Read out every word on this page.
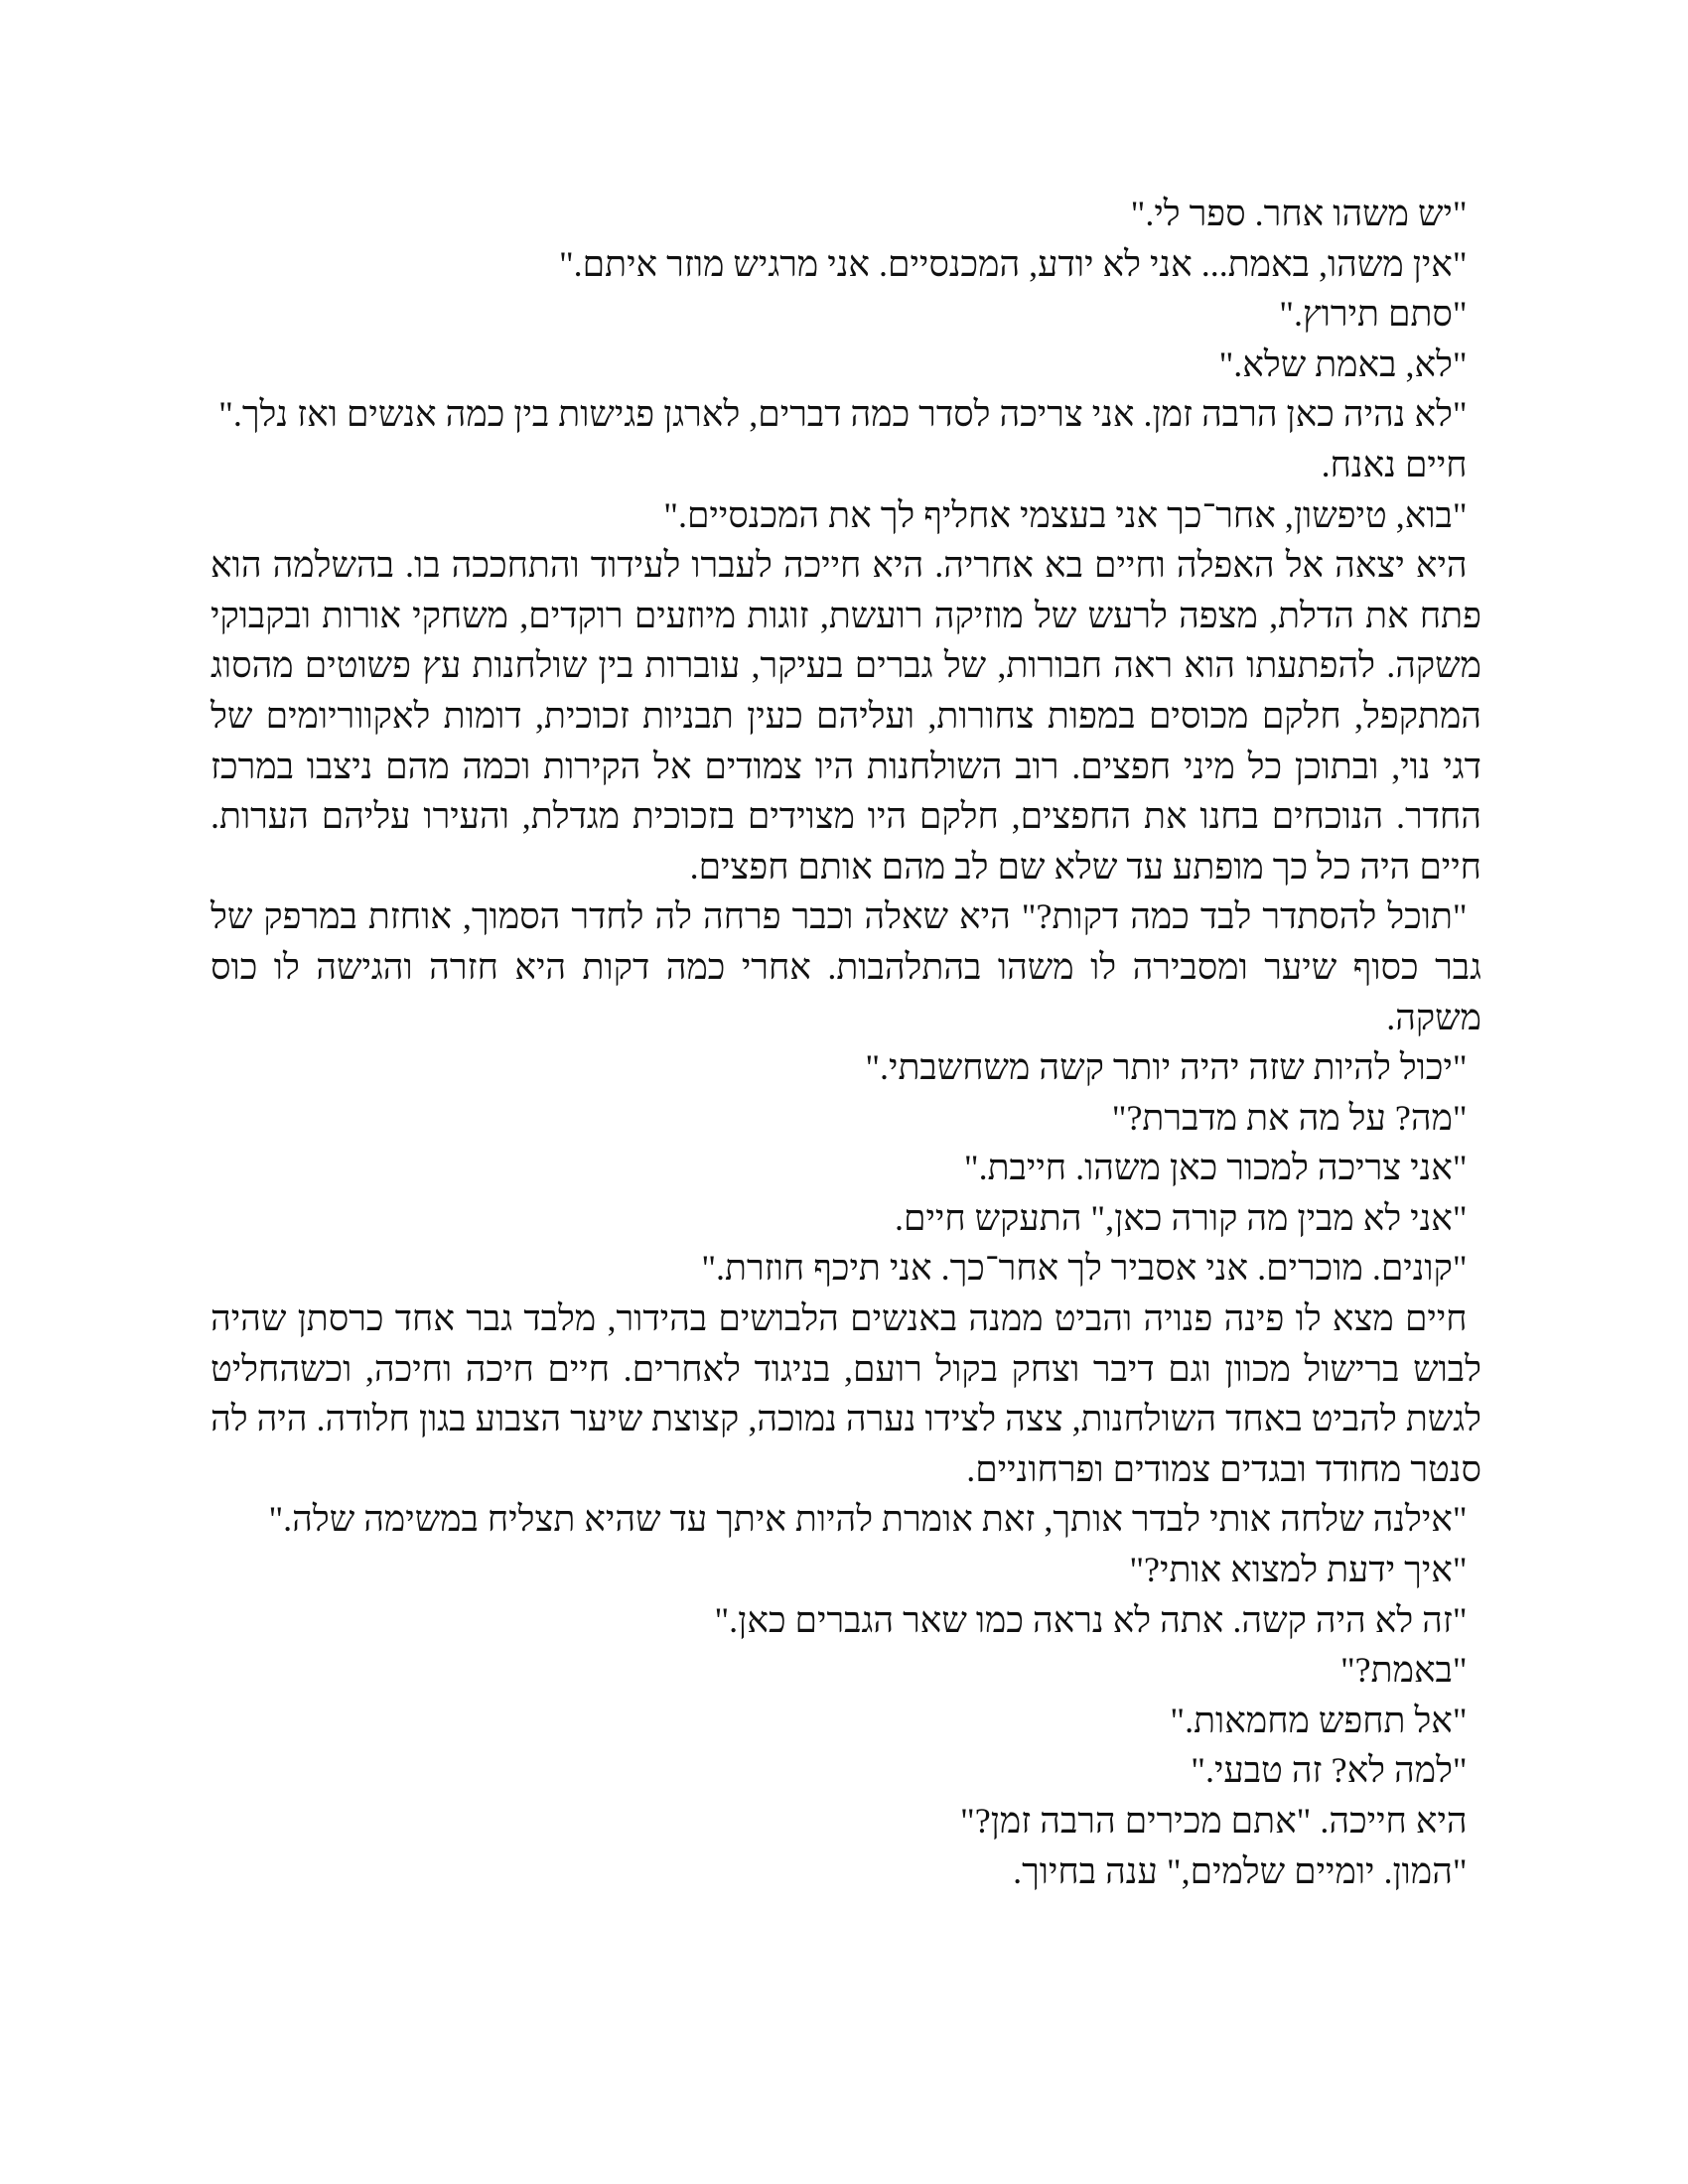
"יש משהו אחר. ספר לי."

"אין משהו, באמת... אני לא יודע, המכנסיים. אני מרגיש מוזר איתם."

"סתם תירוץ."

"לא, באמת שלא."

"לא נהיה כאן הרבה זמן. אני צריכה לסדר כמה דברים, לארגן פגישות בין כמה אנשים ואז נלך."

חיים נאנח.

"בוא, טיפשון, אחר־כך אני בעצמי אחליף לך את המכנסיים."

היא יצאה אל האפלה וחיים בא אחריה. היא חייכה לעברו לעידוד והתחככה בו. בהשלמה הוא פתח את הדלת, מצפה לרעש של מוזיקה רועשת, זוגות מיוזעים רוקדים, משחקי אורות ובקבוקי משקה. להפתעתו הוא ראה חבורות, של גברים בעיקר, עוברות בין שולחנות עץ פשוטים מהסוג המתקפל, חלקם מכוסים במפות צחורות, ועליהם כעין תבניות זכוכית, דומות לאקווריומים של דגי נוי, ובתוכן כל מיני חפצים. רוב השולחנות היו צמודים אל הקירות וכמה מהם ניצבו במרכז החדר. הנוכחים בחנו את החפצים, חלקם היו מצוידים בזכוכית מגדלת, והעירו עליהם הערות. חיים היה כל כך מופתע עד שלא שם לב מהם אותם חפצים.

"תוכל להסתדר לבד כמה דקות?" היא שאלה וכבר פרחה לה לחדר הסמוך, אוחזת במרפק של גבר כסוף שיער ומסבירה לו משהו בהתלהבות. אחרי כמה דקות היא חזרה והגישה לו כוס משקה.

"יכול להיות שזה יהיה יותר קשה משחשבתי."

"מה? על מה את מדברת?"

"אני צריכה למכור כאן משהו. חייבת."

"אני לא מבין מה קורה כאן," התעקש חיים.

"קונים. מוכרים. אני אסביר לך אחר־כך. אני תיכף חוזרת."

חיים מצא לו פינה פנויה והביט ממנה באנשים הלבושים בהידור, מלבד גבר אחד כרסתן שהיה לבוש ברישול מכוון וגם דיבר וצחק בקול רועם, בניגוד לאחרים. חיים חיכה וחיכה, וכשהחליט לגשת להביט באחד השולחנות, צצה לצידו נערה נמוכה, קצוצת שיער הצבוע בגון חלודה. היה לה סנטר מחודד ובגדים צמודים ופרחוניים.

"אילנה שלחה אותי לבדר אותך, זאת אומרת להיות איתך עד שהיא תצליח במשימה שלה."

"איך ידעת למצוא אותי?"

"זה לא היה קשה. אתה לא נראה כמו שאר הגברים כאן."

"באמת?"

"אל תחפש מחמאות."

"למה לא? זה טבעי."

היא חייכה. "אתם מכירים הרבה זמן?"

"המון. יומיים שלמים," ענה בחיוך.
